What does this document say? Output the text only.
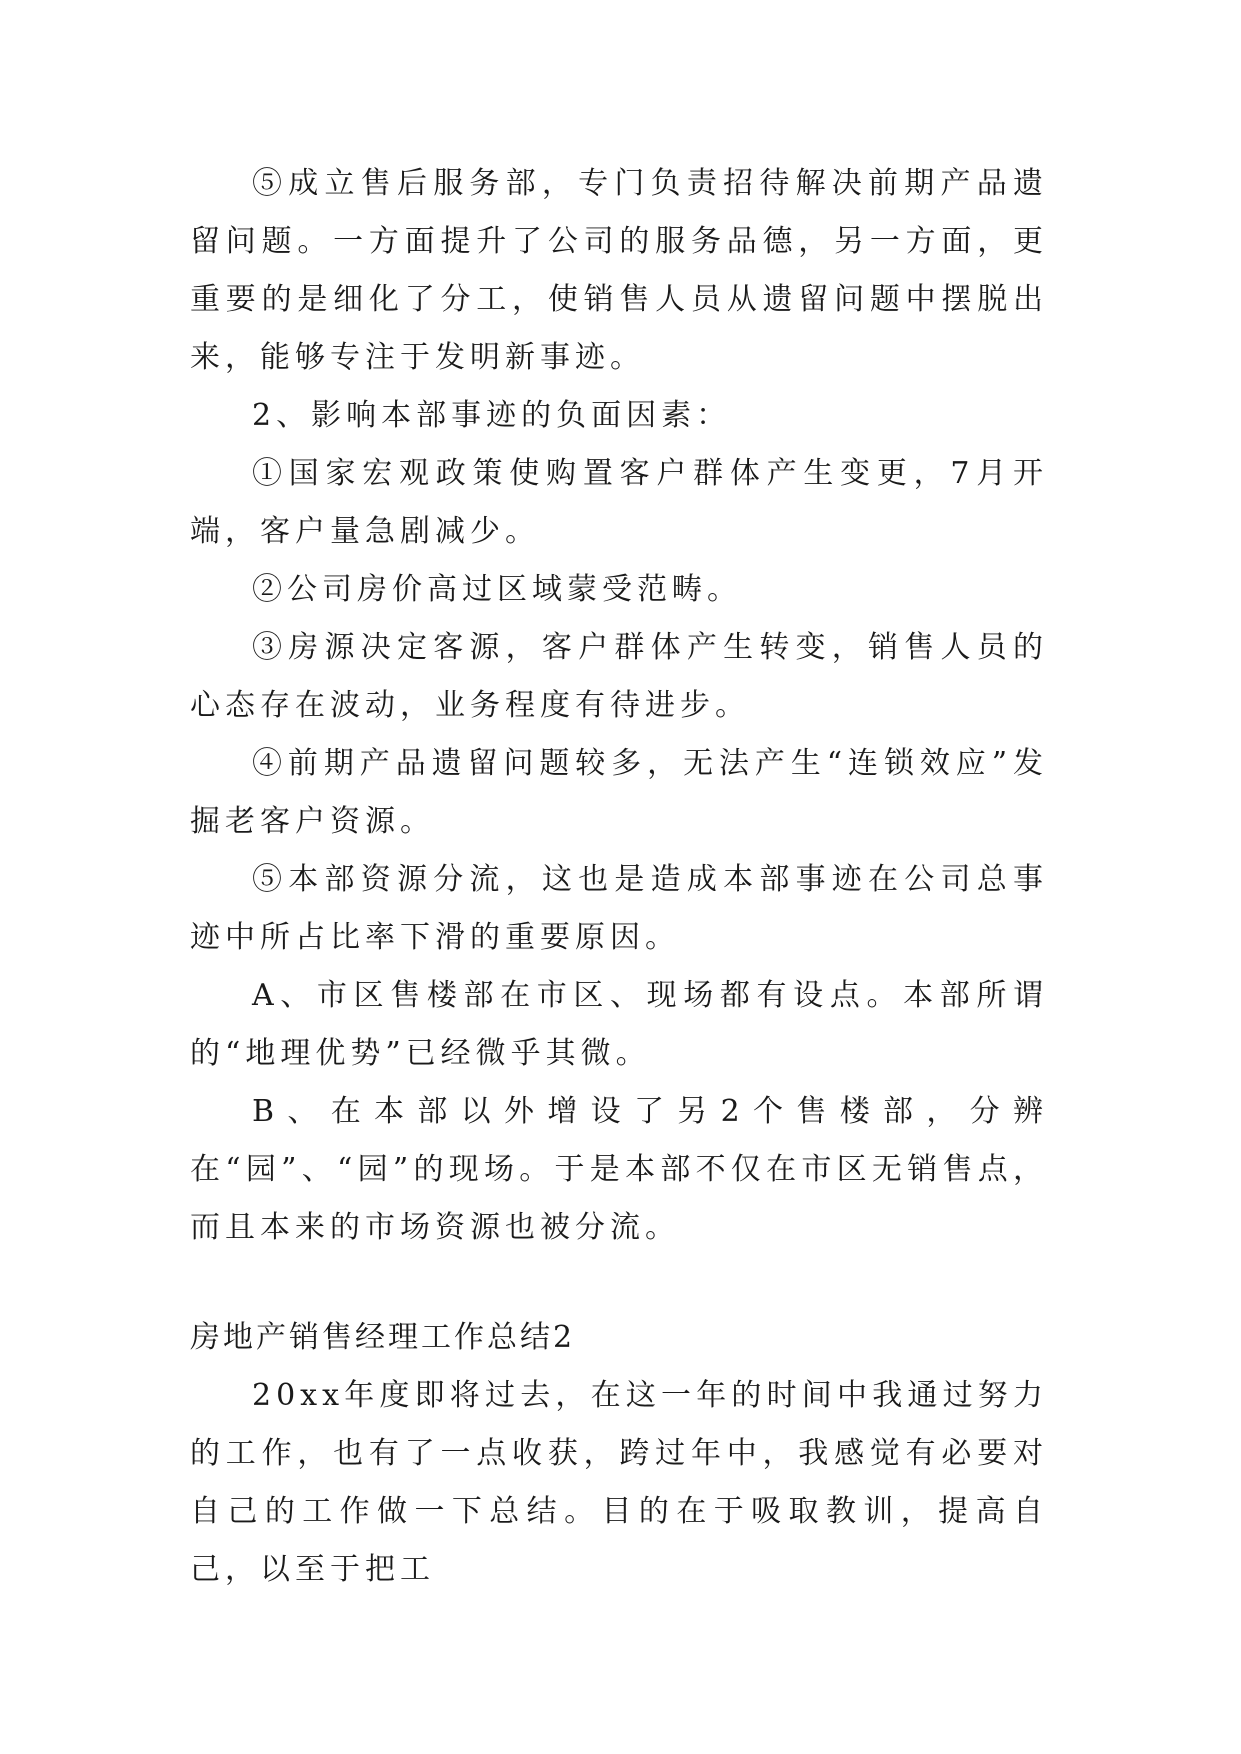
⑤成立售后服务部，专门负责招待解决前期产品遗留问题。一方面提升了公司的服务品德，另一方面，更重要的是细化了分工，使销售人员从遗留问题中摆脱出来，能够专注于发明新事迹。

2、影响本部事迹的负面因素：

①国家宏观政策使购置客户群体产生变更，7月开端，客户量急剧减少。

②公司房价高过区域蒙受范畴。

③房源决定客源，客户群体产生转变，销售人员的心态存在波动，业务程度有待进步。

④前期产品遗留问题较多，无法产生“连锁效应”发掘老客户资源。

⑤本部资源分流，这也是造成本部事迹在公司总事迹中所占比率下滑的重要原因。

A、市区售楼部在市区、现场都有设点。本部所谓的“地理优势”已经微乎其微。

B、在本部以外增设了另2个售楼部，分辨在“园”、“园”的现场。于是本部不仅在市区无销售点，而且本来的市场资源也被分流。

房地产销售经理工作总结2

20xx年度即将过去，在这一年的时间中我通过努力的工作，也有了一点收获，跨过年中，我感觉有必要对自己的工作做一下总结。目的在于吸取教训，提高自己，以至于把工
